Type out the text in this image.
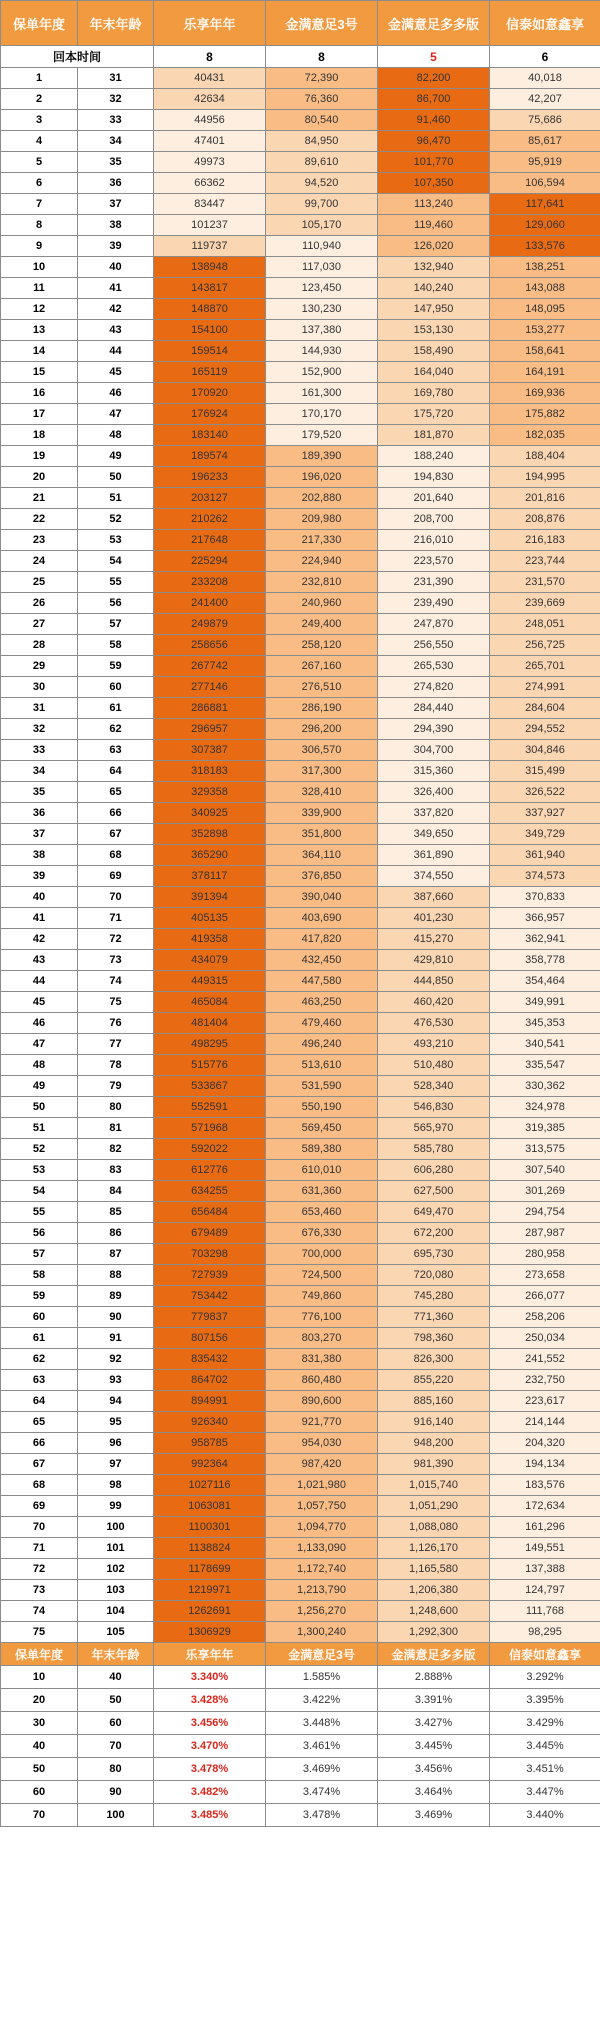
保单年度	年末年龄	乐享年年	金满意足3号	金满意足多多版	信泰如意鑫享
回本时间		8	8	5	6
1	31	40431	72,390	82,200	40,018
2	32	42634	76,360	86,700	42,207
3	33	44956	80,540	91,460	75,686
4	34	47401	84,950	96,470	85,617
5	35	49973	89,610	101,770	95,919
6	36	66362	94,520	107,350	106,594
7	37	83447	99,700	113,240	117,641
8	38	101237	105,170	119,460	129,060
9	39	119737	110,940	126,020	133,576
10	40	138948	117,030	132,940	138,251
11	41	143817	123,450	140,240	143,088
12	42	148870	130,230	147,950	148,095
13	43	154100	137,380	153,130	153,277
14	44	159514	144,930	158,490	158,641
15	45	165119	152,900	164,040	164,191
16	46	170920	161,300	169,780	169,936
17	47	176924	170,170	175,720	175,882
18	48	183140	179,520	181,870	182,035
19	49	189574	189,390	188,240	188,404
20	50	196233	196,020	194,830	194,995
21	51	203127	202,880	201,640	201,816
22	52	210262	209,980	208,700	208,876
23	53	217648	217,330	216,010	216,183
24	54	225294	224,940	223,570	223,744
25	55	233208	232,810	231,390	231,570
26	56	241400	240,960	239,490	239,669
27	57	249879	249,400	247,870	248,051
28	58	258656	258,120	256,550	256,725
29	59	267742	267,160	265,530	265,701
30	60	277146	276,510	274,820	274,991
31	61	286881	286,190	284,440	284,604
32	62	296957	296,200	294,390	294,552
33	63	307387	306,570	304,700	304,846
34	64	318183	317,300	315,360	315,499
35	65	329358	328,410	326,400	326,522
36	66	340925	339,900	337,820	337,927
37	67	352898	351,800	349,650	349,729
38	68	365290	364,110	361,890	361,940
39	69	378117	376,850	374,550	374,573
40	70	391394	390,040	387,660	370,833
41	71	405135	403,690	401,230	366,957
42	72	419358	417,820	415,270	362,941
43	73	434079	432,450	429,810	358,778
44	74	449315	447,580	444,850	354,464
45	75	465084	463,250	460,420	349,991
46	76	481404	479,460	476,530	345,353
47	77	498295	496,240	493,210	340,541
48	78	515776	513,610	510,480	335,547
49	79	533867	531,590	528,340	330,362
50	80	552591	550,190	546,830	324,978
51	81	571968	569,450	565,970	319,385
52	82	592022	589,380	585,780	313,575
53	83	612776	610,010	606,280	307,540
54	84	634255	631,360	627,500	301,269
55	85	656484	653,460	649,470	294,754
56	86	679489	676,330	672,200	287,987
57	87	703298	700,000	695,730	280,958
58	88	727939	724,500	720,080	273,658
59	89	753442	749,860	745,280	266,077
60	90	779837	776,100	771,360	258,206
61	91	807156	803,270	798,360	250,034
62	92	835432	831,380	826,300	241,552
63	93	864702	860,480	855,220	232,750
64	94	894991	890,600	885,160	223,617
65	95	926340	921,770	916,140	214,144
66	96	958785	954,030	948,200	204,320
67	97	992364	987,420	981,390	194,134
68	98	1027116	1,021,980	1,015,740	183,576
69	99	1063081	1,057,750	1,051,290	172,634
70	100	1100301	1,094,770	1,088,080	161,296
71	101	1138824	1,133,090	1,126,170	149,551
72	102	1178699	1,172,740	1,165,580	137,388
73	103	1219971	1,213,790	1,206,380	124,797
74	104	1262691	1,256,270	1,248,600	111,768
75	105	1306929	1,300,240	1,292,300	98,295
保单年度	年末年龄	乐享年年	金满意足3号	金满意足多多版	信泰如意鑫享
10	40	3.340%	1.585%	2.888%	3.292%
20	50	3.428%	3.422%	3.391%	3.395%
30	60	3.456%	3.448%	3.427%	3.429%
40	70	3.470%	3.461%	3.445%	3.445%
50	80	3.478%	3.469%	3.456%	3.451%
60	90	3.482%	3.474%	3.464%	3.447%
70	100	3.485%	3.478%	3.469%	3.440%
